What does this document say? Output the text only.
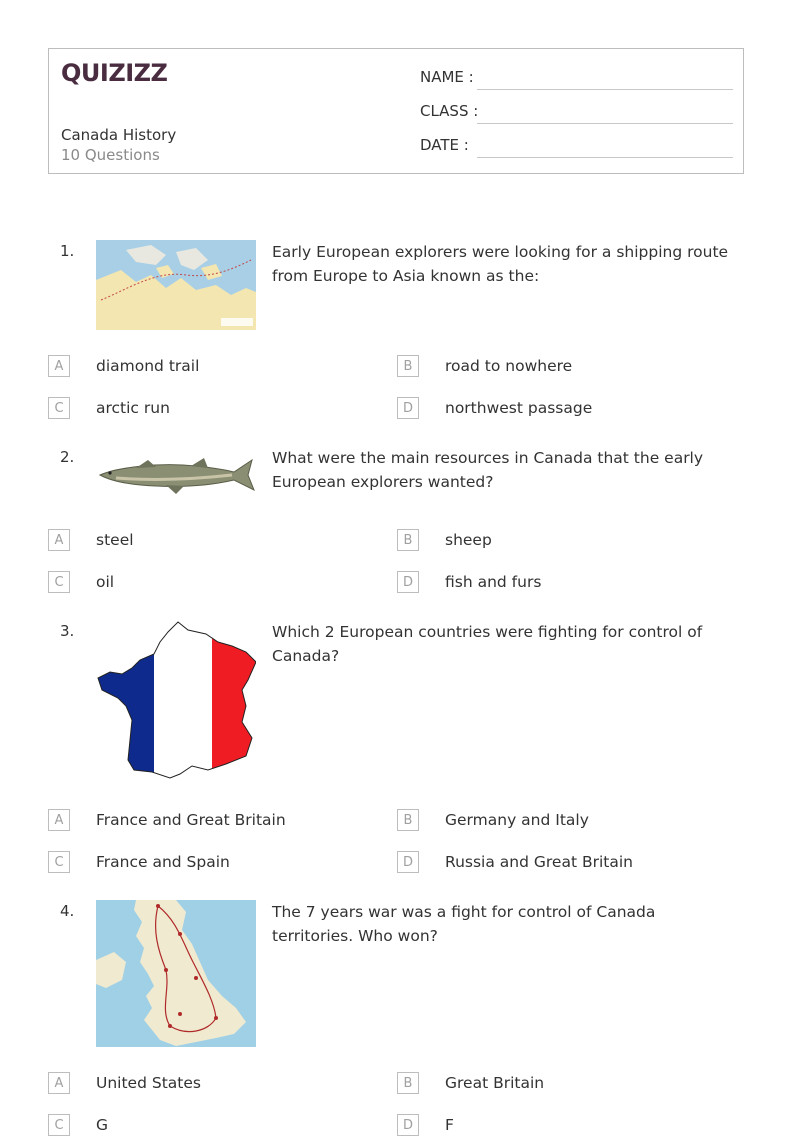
QUIZIZZ
Canada History
10 Questions
NAME :
CLASS :
DATE :
1.	Early European explorers were looking for a shipping route from Europe to Asia known as the:
A	diamond trail	B	road to nowhere
C	arctic run	D	northwest passage
2.	What were the main resources in Canada that the early European explorers wanted?
A	steel	B	sheep
C	oil	D	fish and furs
3.	Which 2 European countries were fighting for control of Canada?
A	France and Great Britain	B	Germany and Italy
C	France and Spain	D	Russia and Great Britain
4.	The 7 years war was a fight for control of Canada territories. Who won?
A	United States	B	Great Britain
C	G	D	F
